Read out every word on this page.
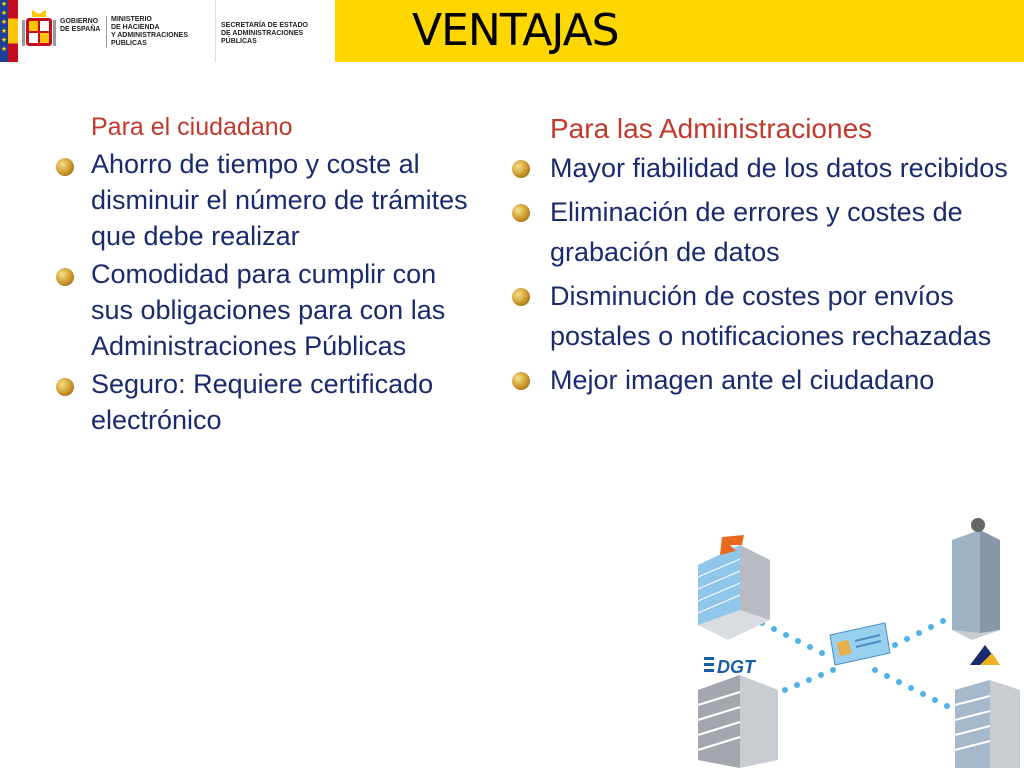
★
★
★
★
★
★
GOBIERNO
DE ESPAÑA
MINISTERIO
DE HACIENDA
Y ADMINISTRACIONES PÚBLICAS
SECRETARÍA DE ESTADO
DE ADMINISTRACIONES PÚBLICAS	VENTAJAS
Para el ciudadano
Ahorro de tiempo y coste al disminuir el número de trámites que debe realizar
Comodidad para cumplir con sus obligaciones para con las Administraciones Públicas
Seguro: Requiere certificado electrónico
Para las Administraciones
Mayor fiabilidad de los datos recibidos
Eliminación de errores y costes de grabación de datos
Disminución de costes por envíos postales o notificaciones rechazadas
Mejor imagen ante el ciudadano
DGT
